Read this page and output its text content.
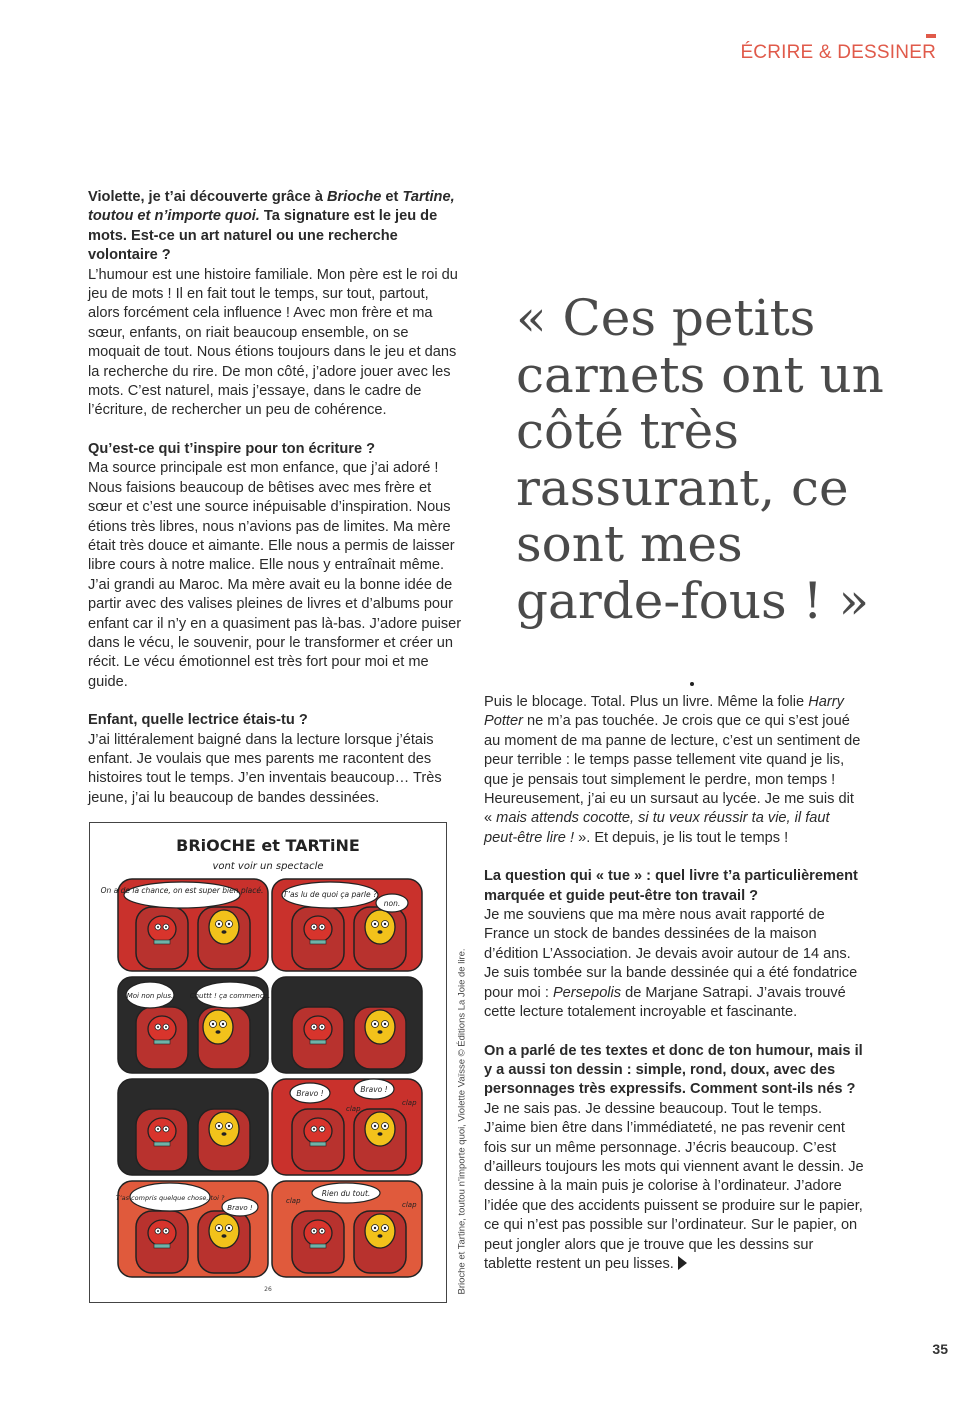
ÉCRIRE & DESSINER

Violette, je t’ai découverte grâce à Brioche et Tartine, toutou et n’importe quoi. Ta signature est le jeu de mots. Est-ce un art naturel ou une recherche volontaire ?

L’humour est une histoire familiale. Mon père est le roi du jeu de mots ! Il en fait tout le temps, sur tout, partout, alors forcément cela influence ! Avec mon frère et ma sœur, enfants, on riait beaucoup ensemble, on se moquait de tout. Nous étions toujours dans le jeu et dans la recherche du rire. De mon côté, j’adore jouer avec les mots. C’est naturel, mais j’essaye, dans le cadre de l’écriture, de rechercher un peu de cohérence.

Qu’est-ce qui t’inspire pour ton écriture ?

Ma source principale est mon enfance, que j’ai adoré ! Nous faisions beaucoup de bêtises avec mes frère et sœur et c’est une source inépuisable d’inspiration. Nous étions très libres, nous n’avions pas de limites. Ma mère était très douce et aimante. Elle nous a permis de laisser libre cours à notre malice. Elle nous y entraînait même. J’ai grandi au Maroc. Ma mère avait eu la bonne idée de partir avec des valises pleines de livres et d’albums pour enfant car il n’y en a quasiment pas là-bas. J’adore puiser dans le vécu, le souvenir, pour le transformer et créer un récit. Le vécu émotionnel est très fort pour moi et me guide.

Enfant, quelle lectrice étais-tu ?

J’ai littéralement baigné dans la lecture lorsque j’étais enfant. Je voulais que mes parents me racontent des histoires tout le temps. J’en inventais beaucoup… Très jeune, j’ai lu beaucoup de bandes dessinées.

« Ces petits carnets ont un côté très rassurant, ce sont mes garde-fous ! »

Puis le blocage. Total. Plus un livre. Même la folie Harry Potter ne m’a pas touchée. Je crois que ce qui s’est joué au moment de ma panne de lecture, c’est un sentiment de peur terrible : le temps passe tellement vite quand je lis, que je pensais tout simplement le perdre, mon temps ! Heureusement, j’ai eu un sursaut au lycée. Je me suis dit « mais attends cocotte, si tu veux réussir ta vie, il faut peut-être lire ! ». Et depuis, je lis tout le temps !

La question qui « tue » : quel livre t’a particulièrement marquée et guide peut-être ton travail ?

Je me souviens que ma mère nous avait rapporté de France un stock de bandes dessinées de la maison d’édition L’Association. Je devais avoir autour de 14 ans. Je suis tombée sur la bande dessinée qui a été fondatrice pour moi : Persepolis de Marjane Satrapi. J’avais trouvé cette lecture totalement incroyable et fascinante.

On a parlé de tes textes et donc de ton humour, mais il y a aussi ton dessin : simple, rond, doux, avec des personnages très expressifs. Comment sont-ils nés ?

Je ne sais pas. Je dessine beaucoup. Tout le temps. J’aime bien être dans l’immédiateté, ne pas revenir cent fois sur un même personnage. J’écris beaucoup. C’est d’ailleurs toujours les mots qui viennent avant le dessin. Je dessine à la main puis je colorise à l’ordinateur. J’adore l’idée que des accidents puissent se produire sur le papier, ce qui n’est pas possible sur l’ordinateur. Sur le papier, on peut jongler alors que je trouve que les dessins sur tablette restent un peu lisses.

BRiOCHE et TARTiNE
vont voir un spectacle
On a de la chance, on est super bien placé.	T’as lu de quoi ça parle ?
non.
Moi non plus. Chuttt ! ça commence.
Bravo !	Bravo !
clap
clap
T’as compris quelque chose, toi ?
Bravo !
Rien du tout.
clap	clap
26	Brioche et Tartine, toutou n’importe quoi, Violette Vaïsse © Éditions La Joie de lire.
35
